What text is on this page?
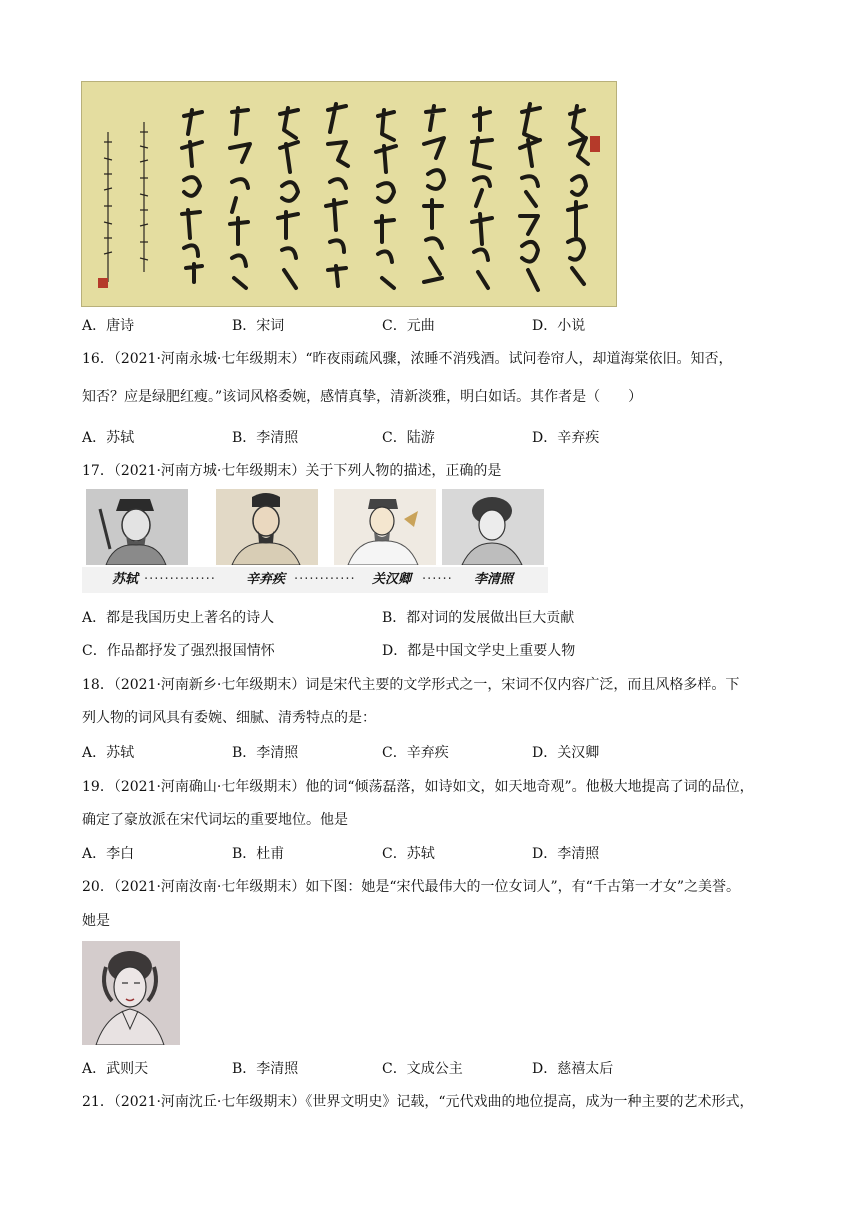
A．唐诗	B．宋词	C．元曲	D．小说
16．（2021·河南永城·七年级期末）“昨夜雨疏风骤，浓睡不消残酒。试问卷帘人，却道海棠依旧。知否，
知否？应是绿肥红瘦。”该词风格委婉，感情真挚，清新淡雅，明白如话。其作者是（　　）
A．苏轼	B．李清照	C．陆游	D．辛弃疾
17．（2021·河南方城·七年级期末）关于下列人物的描述，正确的是
苏轼 ·············· 辛弃疾 ············ 关汉卿 ······ 李清照
A．都是我国历史上著名的诗人	B．都对词的发展做出巨大贡献
C．作品都抒发了强烈报国情怀	D．都是中国文学史上重要人物
18．（2021·河南新乡·七年级期末）词是宋代主要的文学形式之一，宋词不仅内容广泛，而且风格多样。下
列人物的词风具有委婉、细腻、清秀特点的是：
A．苏轼	B．李清照	C．辛弃疾	D．关汉卿
19．（2021·河南确山·七年级期末）他的词“倾荡磊落，如诗如文，如天地奇观”。他极大地提高了词的品位，
确定了豪放派在宋代词坛的重要地位。他是
A．李白	B．杜甫	C．苏轼	D．李清照
20．（2021·河南汝南·七年级期末）如下图：她是“宋代最伟大的一位女词人”，有“千古第一才女”之美誉。
她是
A．武则天	B．李清照	C．文成公主	D．慈禧太后
21．（2021·河南沈丘·七年级期末）《世界文明史》记载，“元代戏曲的地位提高，成为一种主要的艺术形式，
